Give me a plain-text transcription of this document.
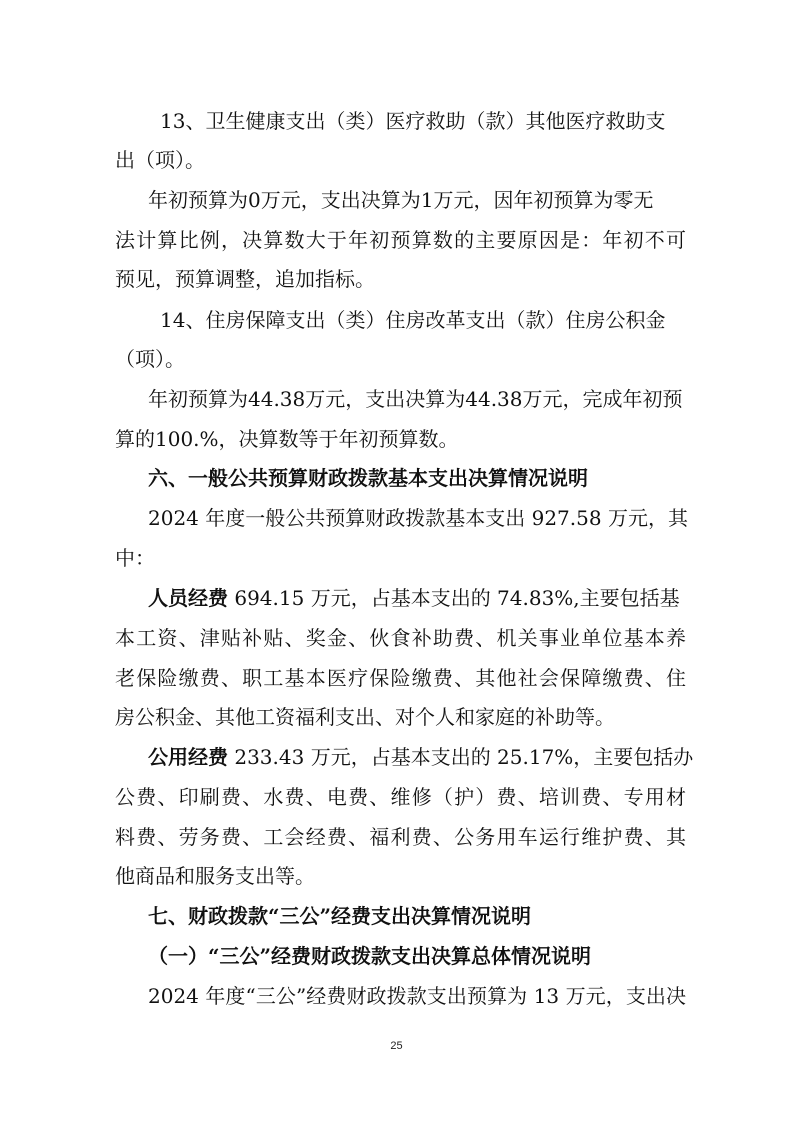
13、卫生健康支出（类）医疗救助（款）其他医疗救助支
出（项）。
年初预算为0万元，支出决算为1万元，因年初预算为零无
法计算比例，决算数大于年初预算数的主要原因是：年初不可
预见，预算调整，追加指标。
14、住房保障支出（类）住房改革支出（款）住房公积金
（项）。
年初预算为44.38万元，支出决算为44.38万元，完成年初预
算的100.%，决算数等于年初预算数。
六、一般公共预算财政拨款基本支出决算情况说明
2024 年度一般公共预算财政拨款基本支出 927.58 万元，其
中：
人员经费 694.15 万元，占基本支出的 74.83%,主要包括基
本工资、津贴补贴、奖金、伙食补助费、机关事业单位基本养
老保险缴费、职工基本医疗保险缴费、其他社会保障缴费、住
房公积金、其他工资福利支出、对个人和家庭的补助等。
公用经费 233.43 万元，占基本支出的 25.17%，主要包括办
公费、印刷费、水费、电费、维修（护）费、培训费、专用材
料费、劳务费、工会经费、福利费、公务用车运行维护费、其
他商品和服务支出等。
七、财政拨款“三公”经费支出决算情况说明
（一）“三公”经费财政拨款支出决算总体情况说明
2024 年度“三公”经费财政拨款支出预算为 13 万元，支出决
25
